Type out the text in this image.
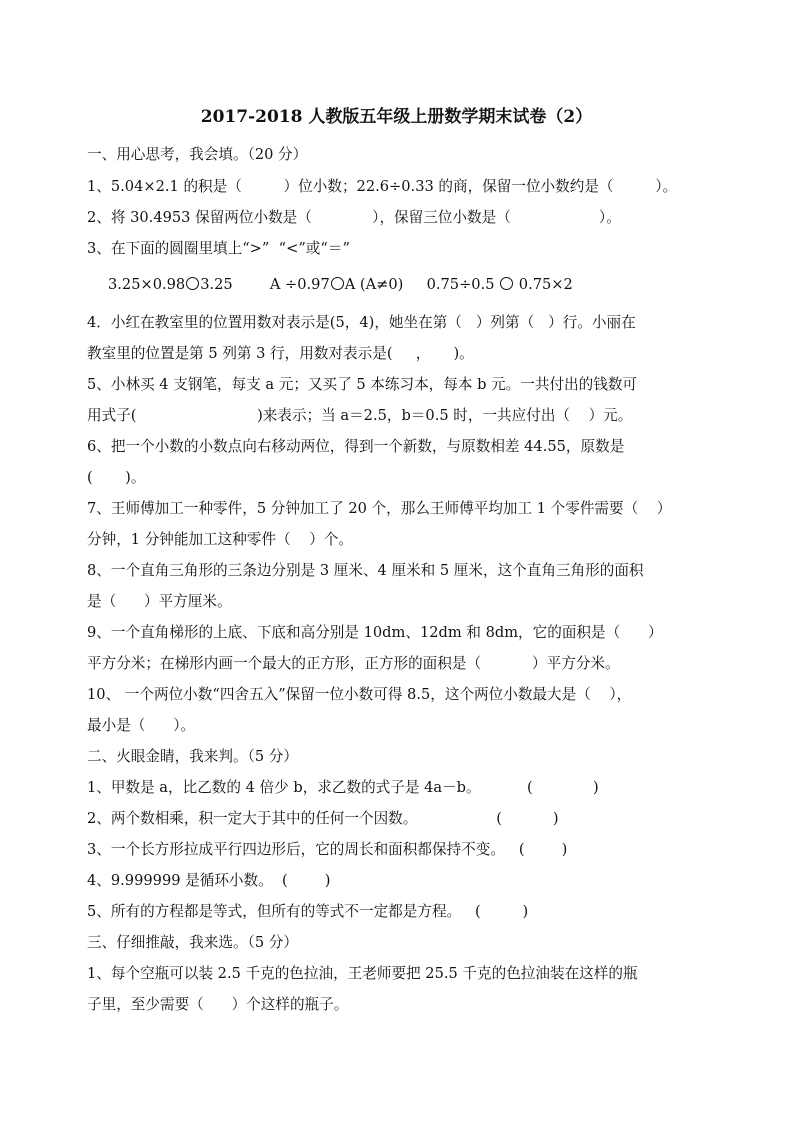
2017-2018 人教版五年级上册数学期末试卷（2）
一、用心思考，我会填。（20 分）
1、5.04×2.1 的积是（         ）位小数；22.6÷0.33 的商，保留一位小数约是（         ）。
2、将 30.4953 保留两位小数是（             ），保留三位小数是（                   ）。
3、在下面的圆圈里填上“>”  “<”或“＝”
3.25×0.98 3.25	A ÷0.97 A (A≠0) 0.75÷0.5  0.75×2
4．小红在教室里的位置用数对表示是(5，4)，她坐在第（   ）列第（   ）行。小丽在
教室里的位置是第 5 列第 3 行，用数对表示是(     ，     )。
5、小林买 4 支钢笔，每支 a 元；又买了 5 本练习本，每本 b 元。一共付出的钱数可
用式子(                          )来表示；当 a＝2.5，b＝0.5 时，一共应付出（    ）元。
6、把一个小数的小数点向右移动两位，得到一个新数，与原数相差 44.55，原数是
(       )。
7、王师傅加工一种零件，5 分钟加工了 20 个，那么王师傅平均加工 1 个零件需要（    ）
分钟，1 分钟能加工这种零件（    ）个。
8、一个直角三角形的三条边分别是 3 厘米、4 厘米和 5 厘米，这个直角三角形的面积
是（      ）平方厘米。
9、一个直角梯形的上底、下底和高分别是 10dm、12dm 和 8dm，它的面积是（      ）
平方分米；在梯形内画一个最大的正方形，正方形的面积是（           ）平方分米。
10、 一个两位小数“四舍五入”保留一位小数可得 8.5，这个两位小数最大是（    ），
最小是（      ）。
二、火眼金睛，我来判。（5 分）
1、甲数是 a，比乙数的 4 倍少 b，求乙数的式子是 4a－b。          (             )
2、两个数相乘，积一定大于其中的任何一个因数。                 (           )
3、一个长方形拉成平行四边形后，它的周长和面积都保持不变。   (        )
4、9.999999 是循环小数。  (        )
5、所有的方程都是等式，但所有的等式不一定都是方程。   (         )
三、仔细推敲，我来选。（5 分）
1、每个空瓶可以装 2.5 千克的色拉油，王老师要把 25.5 千克的色拉油装在这样的瓶
子里，至少需要（      ）个这样的瓶子。
